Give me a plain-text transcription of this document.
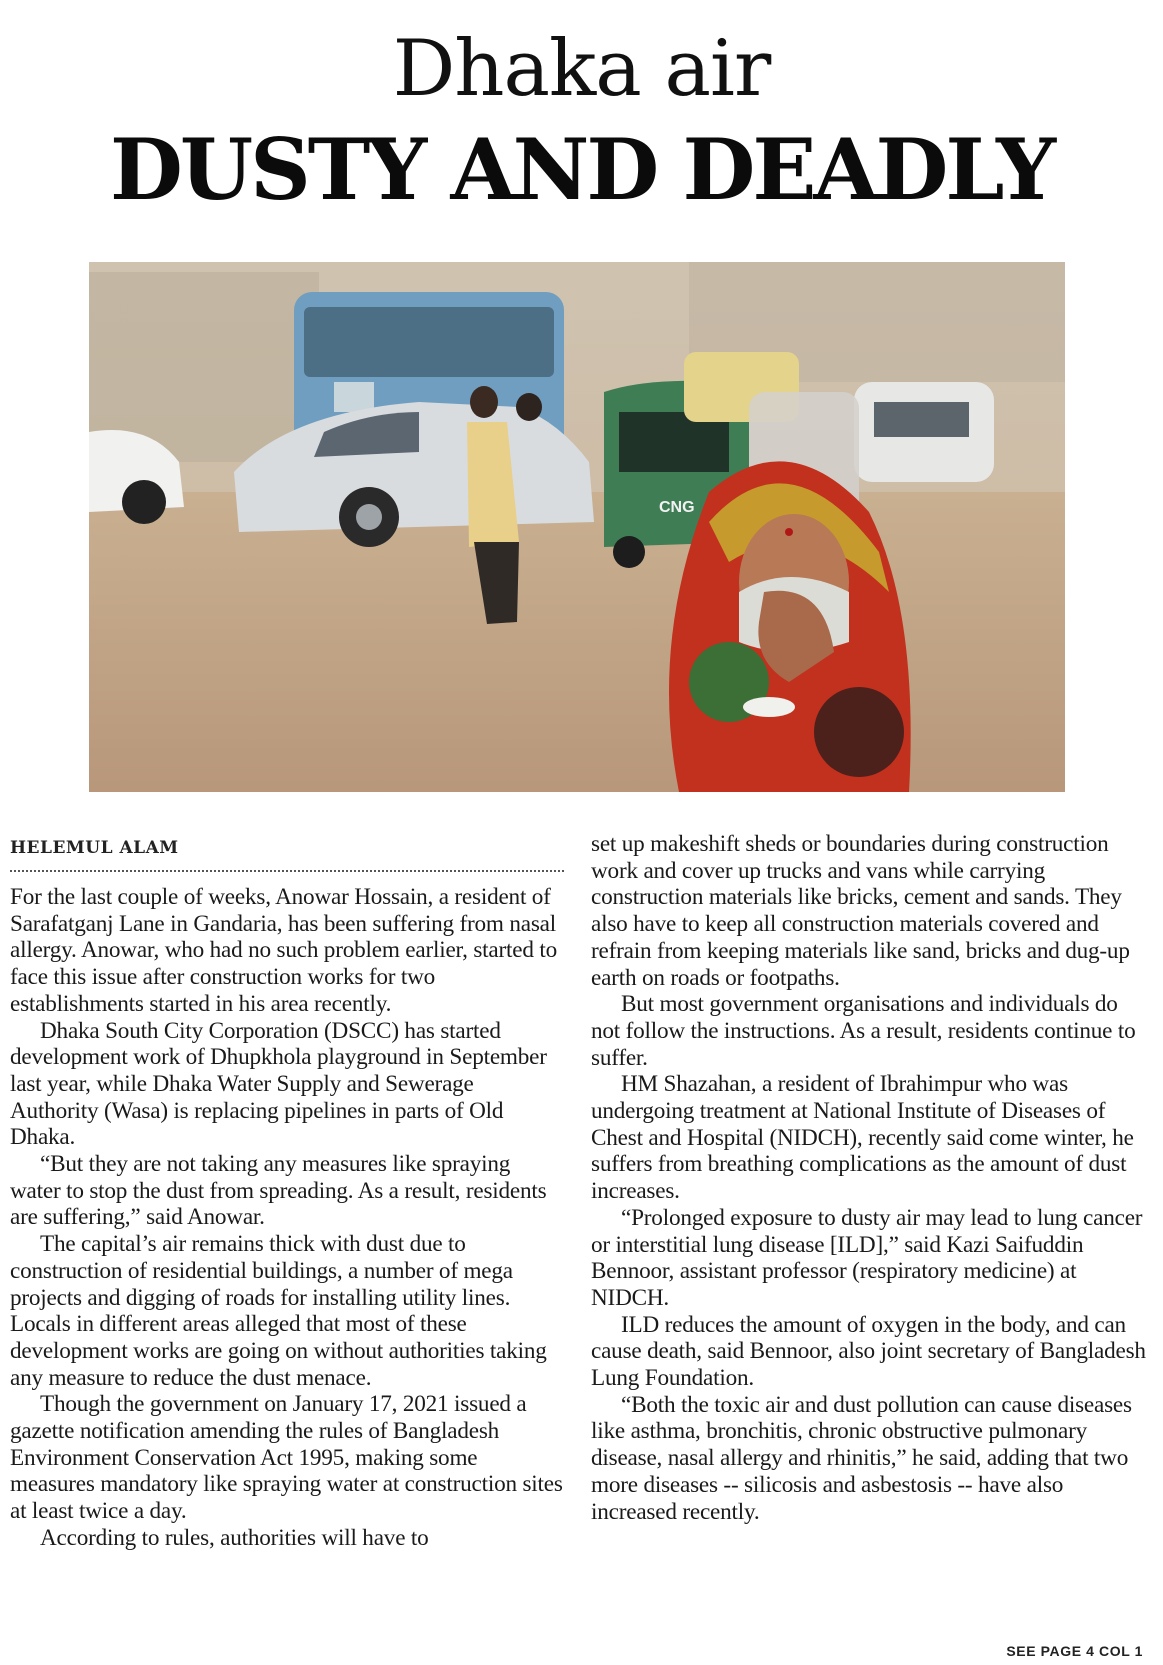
Dhaka air
DUSTY AND DEADLY
CNG
HELEMUL ALAM

For the last couple of weeks, Anowar Hossain, a resident of Sarafatganj Lane in Gandaria, has been suffering from nasal allergy. Anowar, who had no such problem earlier, started to face this issue after construction works for two establishments started in his area recently.

Dhaka South City Corporation (DSCC) has started development work of Dhupkhola playground in September last year, while Dhaka Water Supply and Sewerage Authority (Wasa) is replacing pipelines in parts of Old Dhaka.

“But they are not taking any measures like spraying water to stop the dust from spreading. As a result, residents are suffering,” said Anowar.

The capital’s air remains thick with dust due to construction of residential buildings, a number of mega projects and digging of roads for installing utility lines. Locals in different areas alleged that most of these development works are going on without authorities taking any measure to reduce the dust menace.

Though the government on January 17, 2021 issued a gazette notification amending the rules of Bangladesh Environment Conservation Act 1995, making some measures mandatory like spraying water at construction sites at least twice a day.

According to rules, authorities will have to

set up makeshift sheds or boundaries during construction work and cover up trucks and vans while carrying construction materials like bricks, cement and sands. They also have to keep all construction materials covered and refrain from keeping materials like sand, bricks and dug-up earth on roads or footpaths.

But most government organisations and individuals do not follow the instructions. As a result, residents continue to suffer.

HM Shazahan, a resident of Ibrahimpur who was undergoing treatment at National Institute of Diseases of Chest and Hospital (NIDCH), recently said come winter, he suffers from breathing complications as the amount of dust increases.

“Prolonged exposure to dusty air may lead to lung cancer or interstitial lung disease [ILD],” said Kazi Saifuddin Bennoor, assistant professor (respiratory medicine) at NIDCH.

ILD reduces the amount of oxygen in the body, and can cause death, said Bennoor, also joint secretary of Bangladesh Lung Foundation.

“Both the toxic air and dust pollution can cause diseases like asthma, bronchitis, chronic obstructive pulmonary disease, nasal allergy and rhinitis,” he said, adding that two more diseases -- silicosis and asbestosis -- have also increased recently.

SEE PAGE 4 COL 1
